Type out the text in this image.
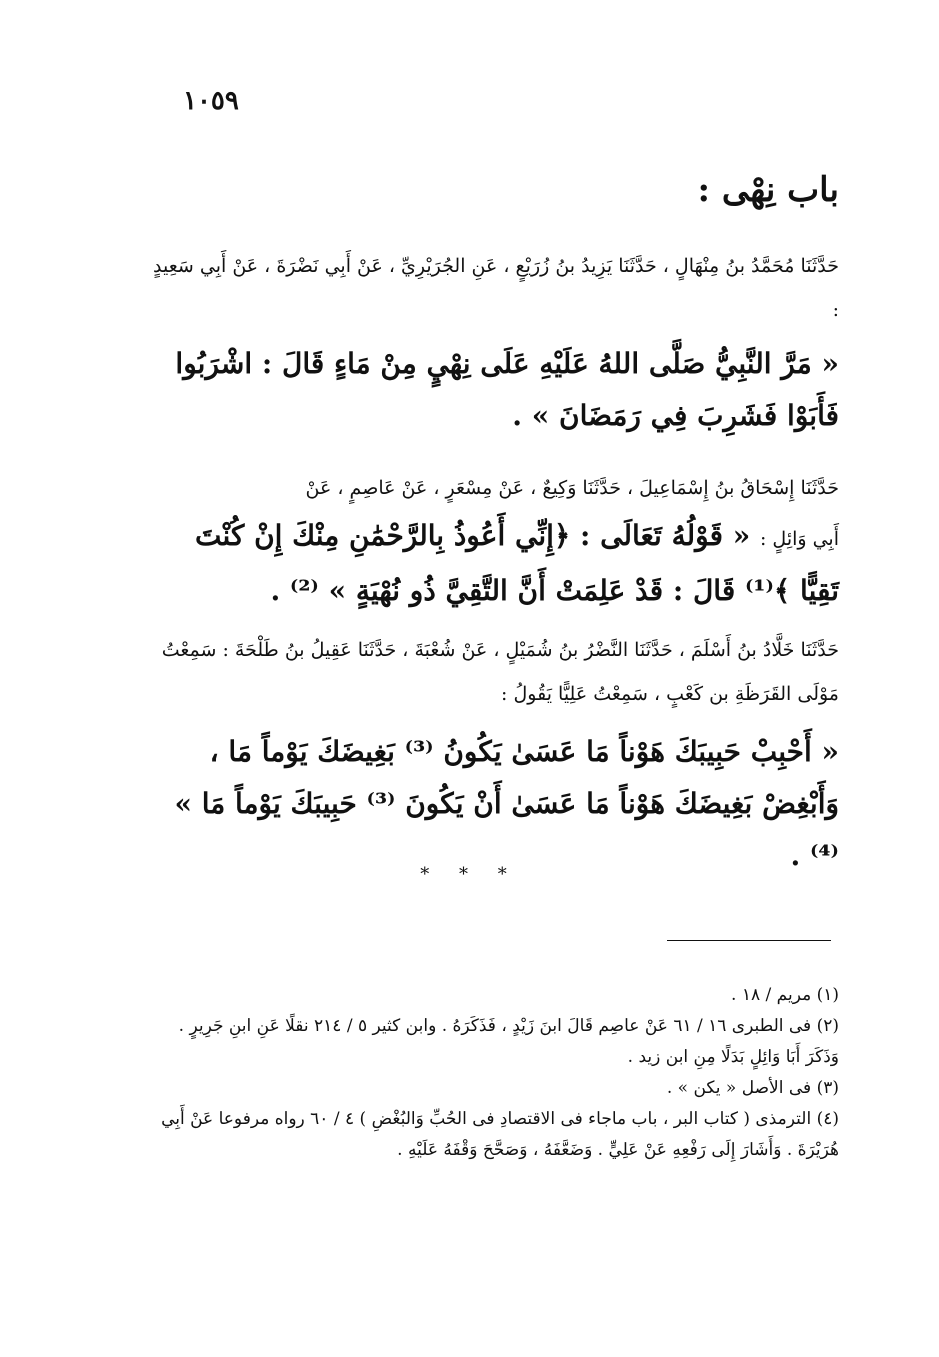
١٠٥٩
باب نِهْى :
حَدَّثَنَا مُحَمَّدُ بنُ مِنْهَالٍ ، حَدَّثَنَا يَزِيدُ بنُ زُرَيْعٍ ، عَنِ الجُرَيْرِيِّ ، عَنْ أَبِي نَضْرَةَ ، عَنْ أَبِي سَعِيدٍ :
« مَرَّ النَّبِيُّ صَلَّى اللهُ عَلَيْهِ عَلَى نِهْيٍ مِنْ مَاءٍ قَالَ : اشْرَبُوا فَأَبَوْا فَشَرِبَ فِي رَمَضَانَ » .
حَدَّثَنَا إِسْحَاقُ بنُ إِسْمَاعِيلَ ، حَدَّثَنَا وَكِيعٌ ، عَنْ مِسْعَرٍ ، عَنْ عَاصِمٍ ، عَنْ
أَبِي وَائِلٍ : « قَوْلُهُ تَعَالَى : ﴿إِنِّي أَعُوذُ بِالرَّحْمَٰنِ مِنْكَ إِنْ كُنْتَ تَقِيًّا ﴾⁽¹⁾ قَالَ : قَدْ عَلِمَتْ أَنَّ التَّقِيَّ ذُو نُهْيَةٍ » ⁽²⁾ .
حَدَّثَنَا خَلَّادُ بنُ أَسْلَمَ ، حَدَّثَنَا النَّضْرُ بنُ شُمَيْلٍ ، عَنْ شُعْبَةَ ، حَدَّثَنَا عَقِيلُ بنُ طَلْحَةَ : سَمِعْتُ مَوْلَى القَرَظَةِ بن كَعْبٍ ، سَمِعْتُ عَلِيًّا يَقُولُ :
« أَحْبِبْ حَبِيبَكَ هَوْناً مَا عَسَىٰ يَكُونُ ⁽³⁾ بَغِيضَكَ يَوْماً مَا ، وَأَبْغِضْ بَغِيضَكَ هَوْناً مَا عَسَىٰ أَنْ يَكُونَ ⁽³⁾ حَبِيبَكَ يَوْماً مَا » ⁽⁴⁾ .
* * *
(١) مريم / ١٨ .
(٢) فى الطبرى ١٦ / ٦١ عَنْ عاصِم قَالَ ابنَ زَيْدٍ ، فَذَكَرَهُ . وابن كثير ٥ / ٢١٤ نقلًا عَنِ ابنِ جَرِيرٍ . وَذَكَرَ أَبَا وَائِلٍ بَدَلًا مِنِ ابن زيد .
(٣) فى الأصل « يكن » .
(٤) الترمذى ( كتاب البر ، باب ماجاء فى الاقتصادِ فى الحُبِّ وَالبُغْضِ ) ٤ / ٦٠ رواه مرفوعا عَنْ أَبِي هُرَيْرَةَ . وَأَشَارَ إِلَى رَفْعِهِ عَنْ عَلِيٍّ . وَضَعَّفَهُ ، وَصَحَّحَ وَقْفَهُ عَلَيْهِ .
